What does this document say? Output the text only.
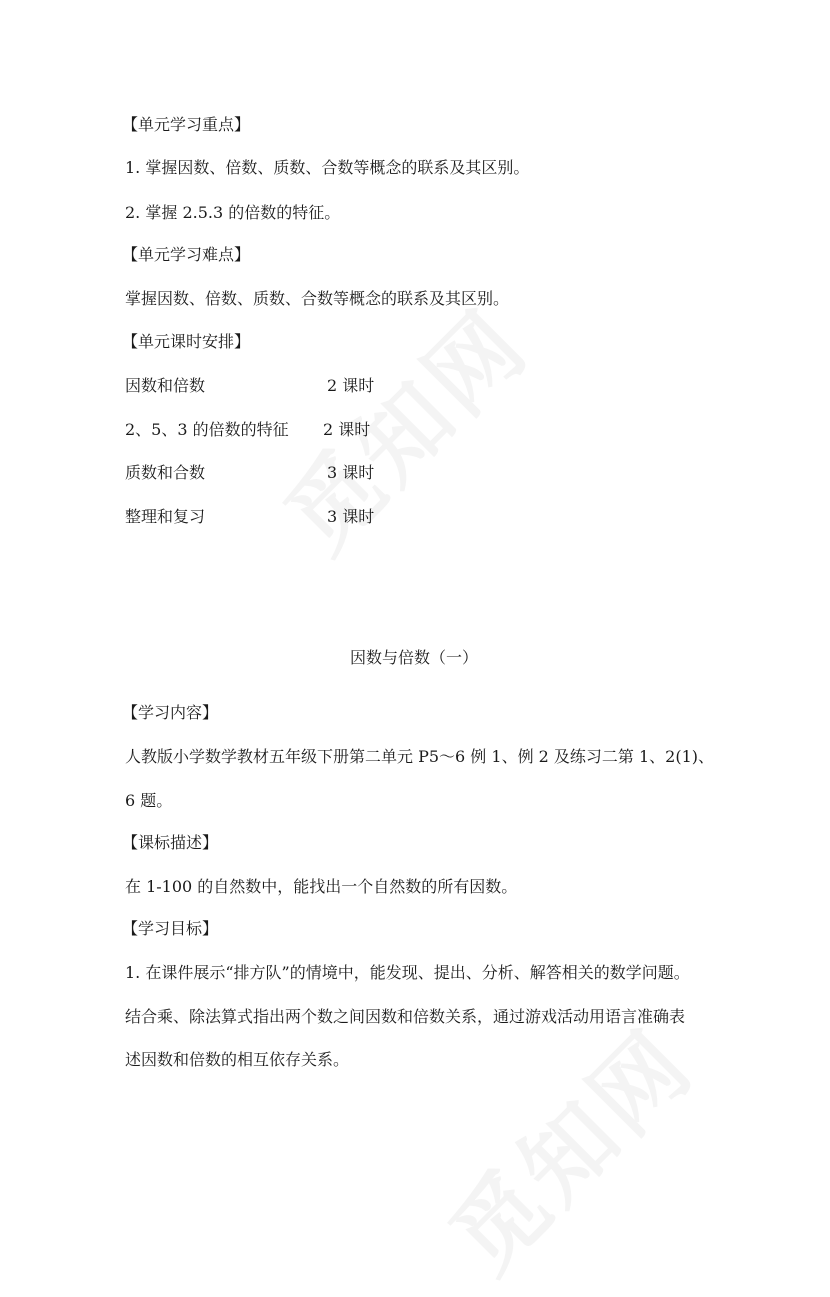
【单元学习重点】
1. 掌握因数、倍数、质数、合数等概念的联系及其区别。
2. 掌握 2.5.3 的倍数的特征。
【单元学习难点】
掌握因数、倍数、质数、合数等概念的联系及其区别。
【单元课时安排】
因数和倍数	2 课时
2、5、3 的倍数的特征 2 课时
质数和合数	3 课时
整理和复习	3 课时
因数与倍数（一）
【学习内容】
人教版小学数学教材五年级下册第二单元 P5～6 例 1、例 2 及练习二第 1、2(1)、
6 题。
【课标描述】
在 1-100 的自然数中，能找出一个自然数的所有因数。
【学习目标】
1. 在课件展示“排方队”的情境中，能发现、提出、分析、解答相关的数学问题。
结合乘、除法算式指出两个数之间因数和倍数关系，通过游戏活动用语言准确表
述因数和倍数的相互依存关系。
